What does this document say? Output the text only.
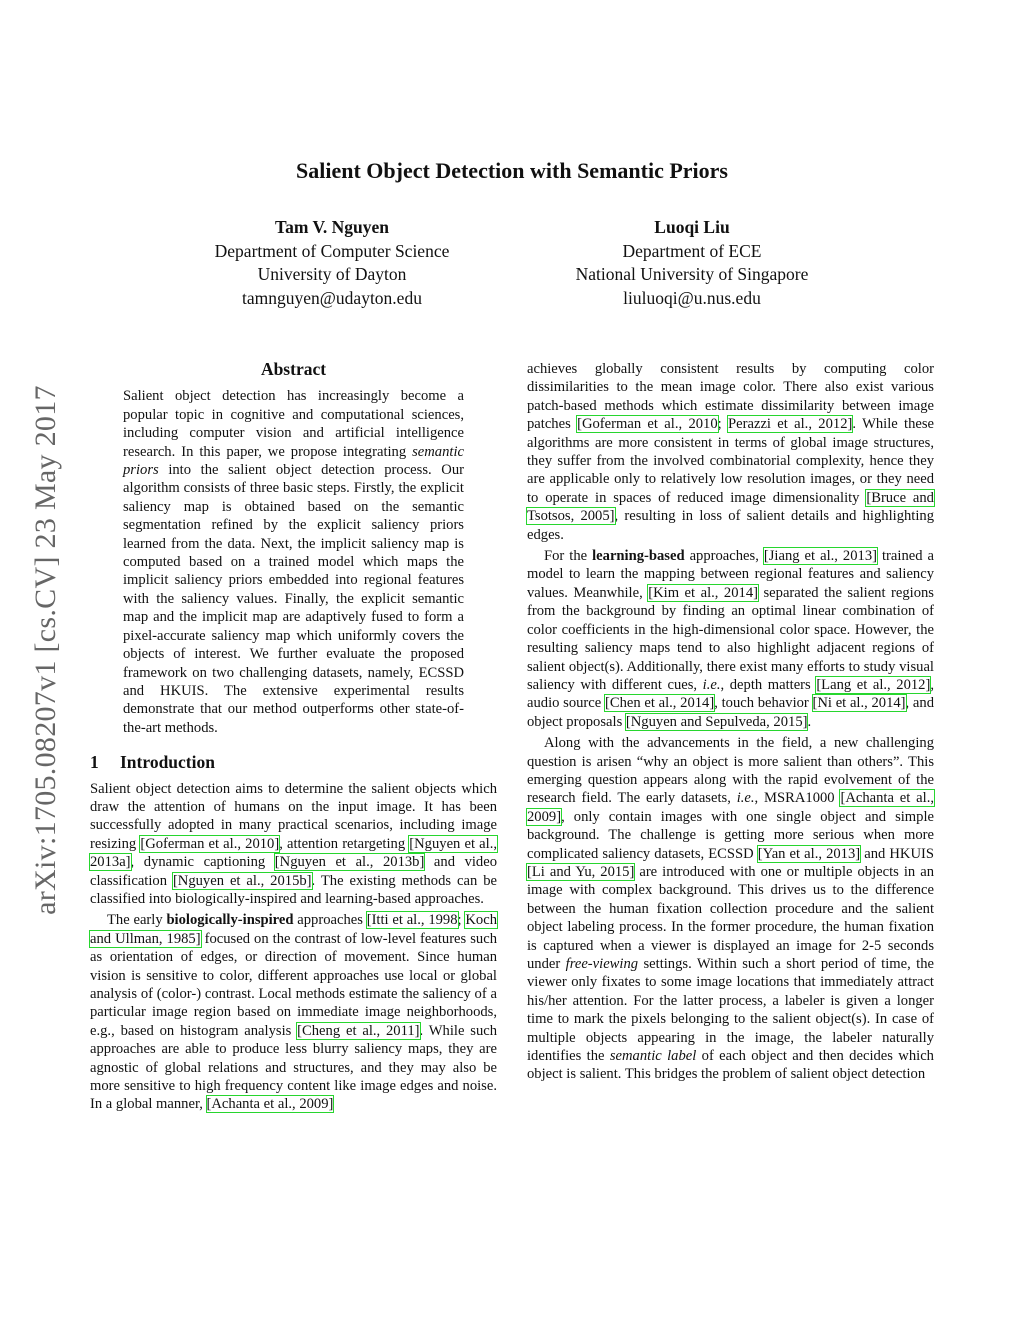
arXiv:1705.08207v1 [cs.CV] 23 May 2017
Salient Object Detection with Semantic Priors
Tam V. Nguyen
Department of Computer Science
University of Dayton
tamnguyen@udayton.edu
Luoqi Liu
Department of ECE
National University of Singapore
liuluoqi@u.nus.edu
Abstract

Salient object detection has increasingly become a popular topic in cognitive and computational sciences, including computer vision and artificial intelligence research. In this paper, we propose integrating semantic priors into the salient object detection process. Our algorithm consists of three basic steps. Firstly, the explicit saliency map is obtained based on the semantic segmentation refined by the explicit saliency priors learned from the data. Next, the implicit saliency map is computed based on a trained model which maps the implicit saliency priors embedded into regional features with the saliency values. Finally, the explicit semantic map and the implicit map are adaptively fused to form a pixel-accurate saliency map which uniformly covers the objects of interest. We further evaluate the proposed framework on two challenging datasets, namely, ECSSD and HKUIS. The extensive experimental results demonstrate that our method outperforms other state-of-the-art methods.

1 Introduction

Salient object detection aims to determine the salient objects which draw the attention of humans on the input image. It has been successfully adopted in many practical scenarios, including image resizing [Goferman et al., 2010], attention retargeting [Nguyen et al., 2013a], dynamic captioning [Nguyen et al., 2013b] and video classification [Nguyen et al., 2015b]. The existing methods can be classified into biologically-inspired and learning-based approaches.

The early biologically-inspired approaches [Itti et al., 1998; Koch and Ullman, 1985] focused on the contrast of low-level features such as orientation of edges, or direction of movement. Since human vision is sensitive to color, different approaches use local or global analysis of (color-) contrast. Local methods estimate the saliency of a particular image region based on immediate image neighborhoods, e.g., based on histogram analysis [Cheng et al., 2011]. While such approaches are able to produce less blurry saliency maps, they are agnostic of global relations and structures, and they may also be more sensitive to high frequency content like image edges and noise. In a global manner, [Achanta et al., 2009]

achieves globally consistent results by computing color dissimilarities to the mean image color. There also exist various patch-based methods which estimate dissimilarity between image patches [Goferman et al., 2010; Perazzi et al., 2012]. While these algorithms are more consistent in terms of global image structures, they suffer from the involved combinatorial complexity, hence they are applicable only to relatively low resolution images, or they need to operate in spaces of reduced image dimensionality [Bruce and Tsotsos, 2005], resulting in loss of salient details and highlighting edges.

For the learning-based approaches, [Jiang et al., 2013] trained a model to learn the mapping between regional features and saliency values. Meanwhile, [Kim et al., 2014] separated the salient regions from the background by finding an optimal linear combination of color coefficients in the high-dimensional color space. However, the resulting saliency maps tend to also highlight adjacent regions of salient object(s). Additionally, there exist many efforts to study visual saliency with different cues, i.e., depth matters [Lang et al., 2012], audio source [Chen et al., 2014], touch behavior [Ni et al., 2014], and object proposals [Nguyen and Sepulveda, 2015].

Along with the advancements in the field, a new challenging question is arisen “why an object is more salient than others”. This emerging question appears along with the rapid evolvement of the research field. The early datasets, i.e., MSRA1000 [Achanta et al., 2009], only contain images with one single object and simple background. The challenge is getting more serious when more complicated saliency datasets, ECSSD [Yan et al., 2013] and HKUIS [Li and Yu, 2015] are introduced with one or multiple objects in an image with complex background. This drives us to the difference between the human fixation collection procedure and the salient object labeling process. In the former procedure, the human fixation is captured when a viewer is displayed an image for 2-5 seconds under free-viewing settings. Within such a short period of time, the viewer only fixates to some image locations that immediately attract his/her attention. For the latter process, a labeler is given a longer time to mark the pixels belonging to the salient object(s). In case of multiple objects appearing in the image, the labeler naturally identifies the semantic label of each object and then decides which object is salient. This bridges the problem of salient object detection
